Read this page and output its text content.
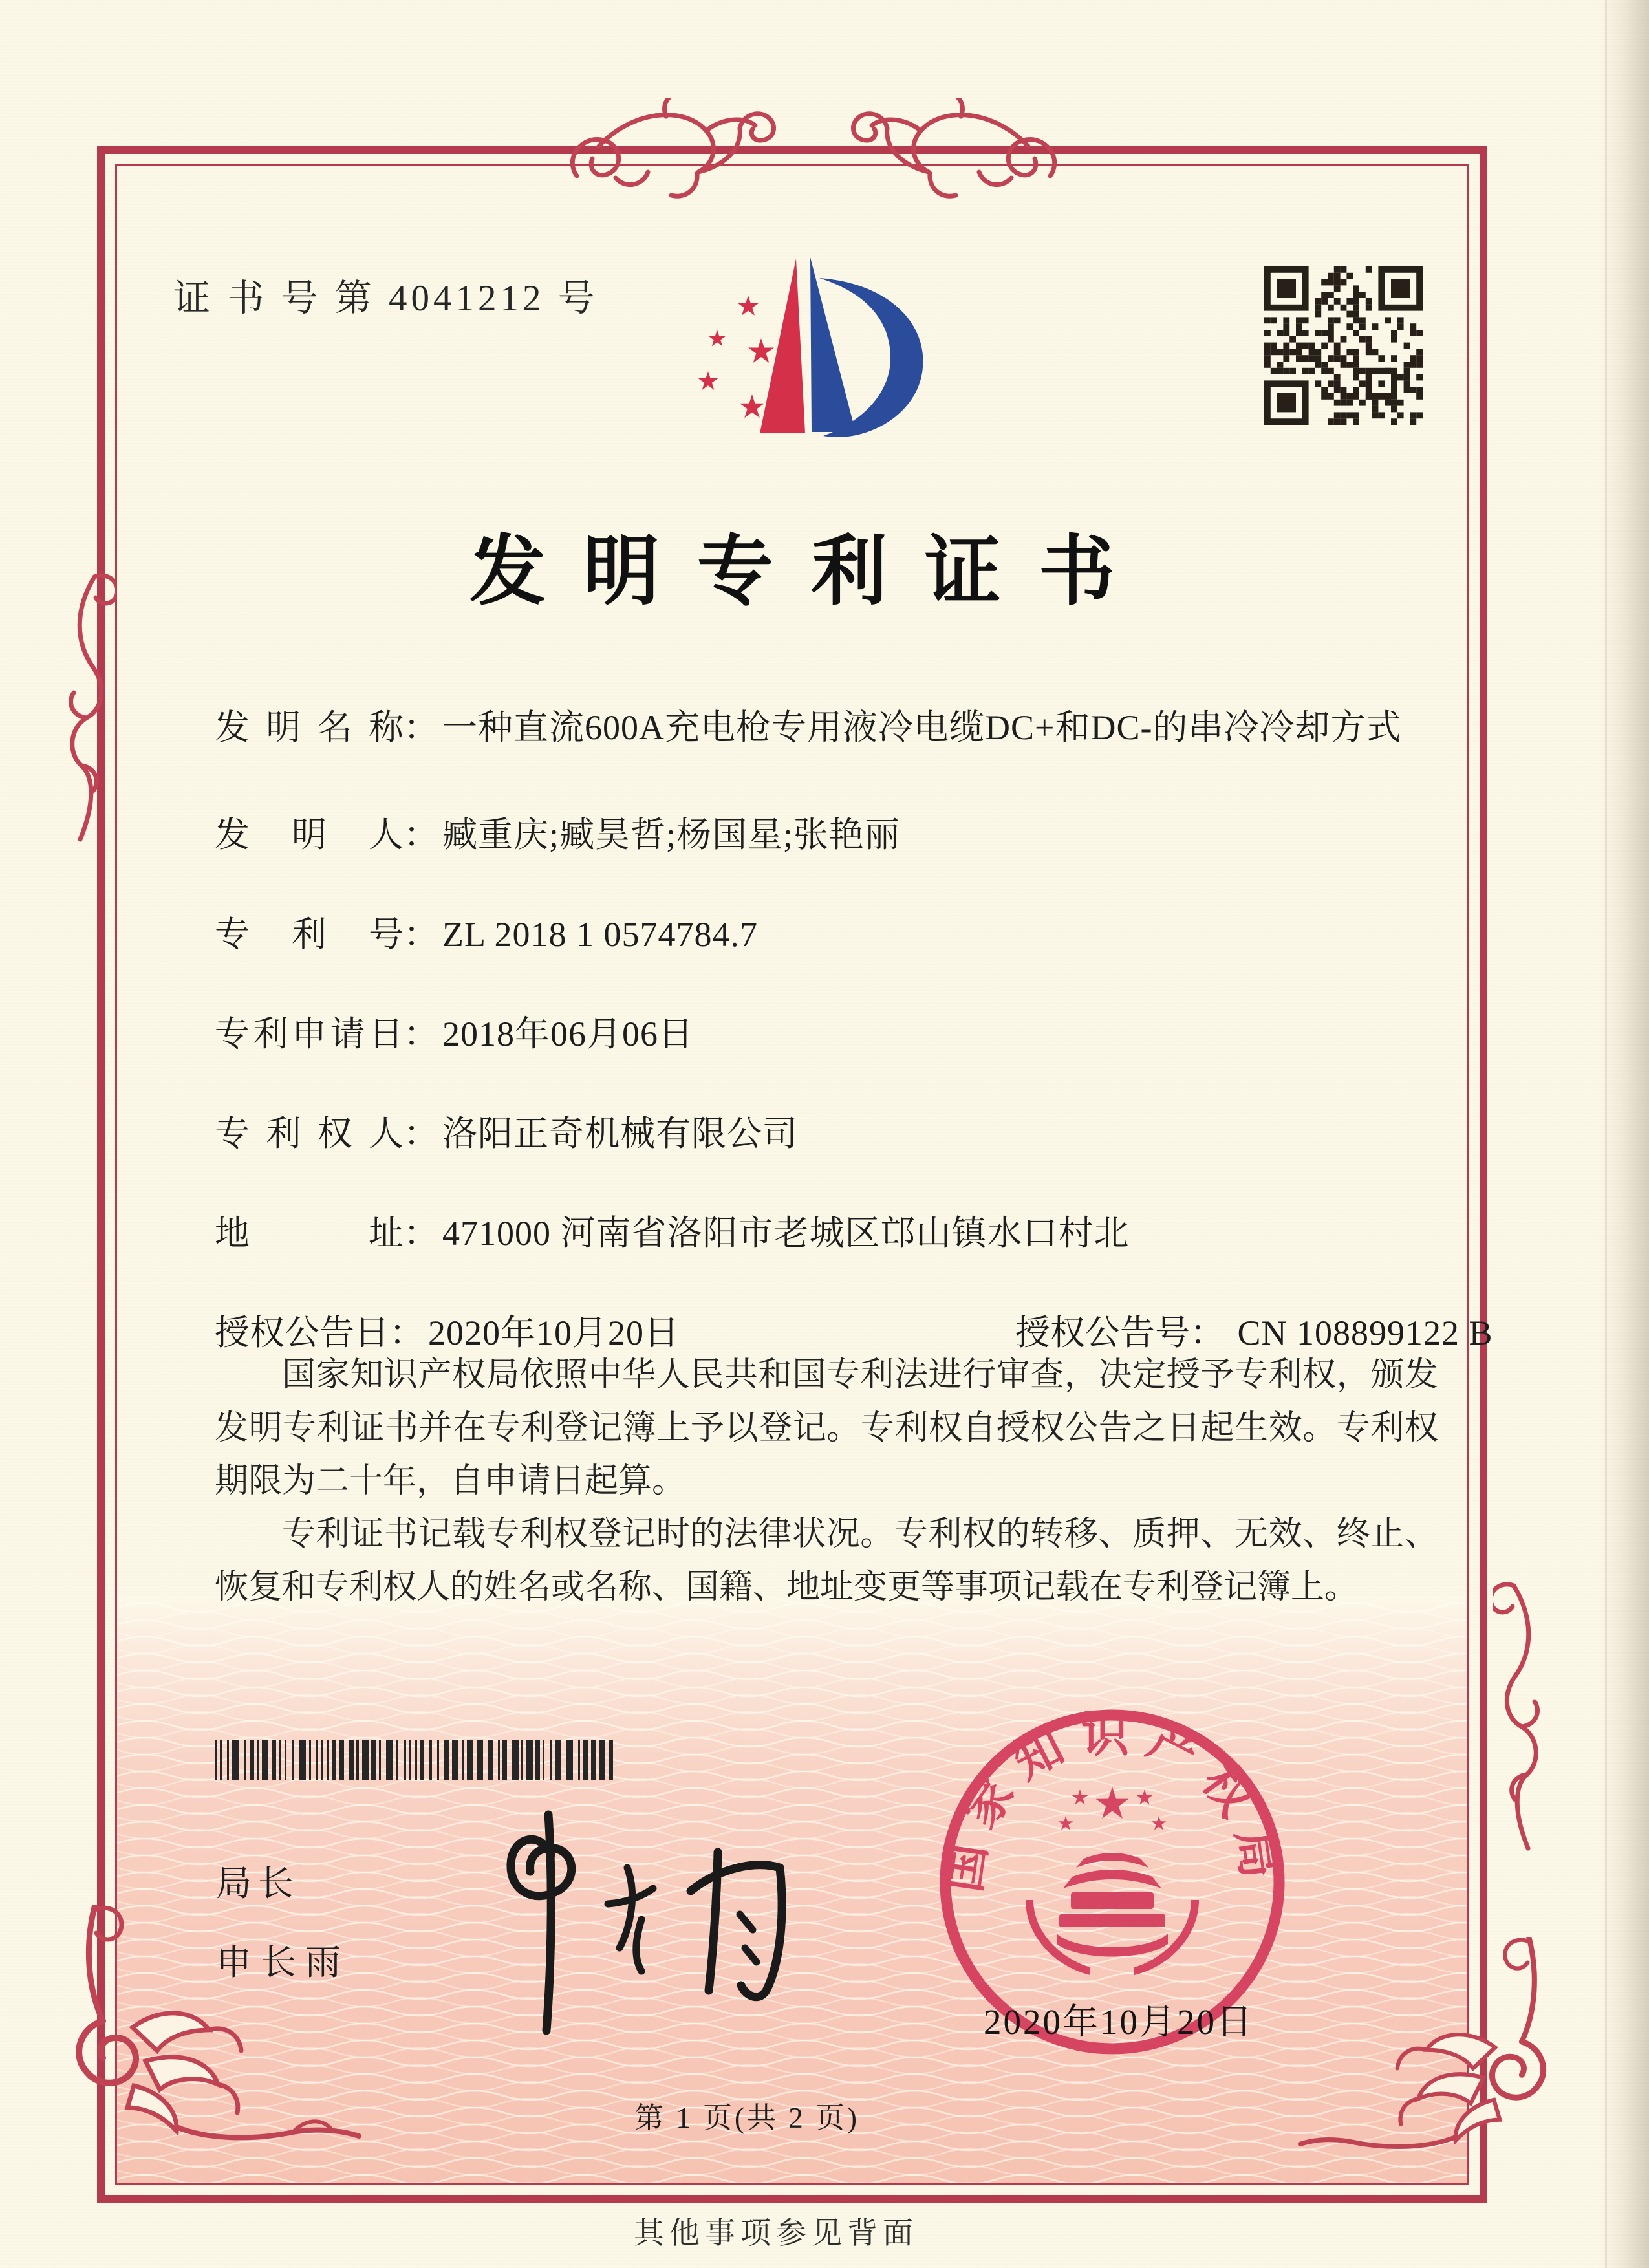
证 书 号 第 4041212 号
发明专利证书
发明名称 ： 一种直流600A充电枪专用液冷电缆DC+和DC-的串冷冷却方式
发明人 ： 臧重庆;臧昊哲;杨国星;张艳丽
专利号 ： ZL 2018 1 0574784.7
专利申请日 ： 2018年06月06日
专利权人 ： 洛阳正奇机械有限公司
地址 ： 471000 河南省洛阳市老城区邙山镇水口村北
授权公告日 ： 2020年10月20日	授权公告号： CN 108899122 B

国家知识产权局依照中华人民共和国专利法进行审查，决定授予专利权，颁发发明专利证书并在专利登记簿上予以登记。专利权自授权公告之日起生效。专利权期限为二十年，自申请日起算。

专利证书记载专利权登记时的法律状况。专利权的转移、质押、无效、终止、恢复和专利权人的姓名或名称、国籍、地址变更等事项记载在专利登记簿上。

局长
申长雨
国家知识产权局
2020年10月20日
第 1 页(共 2 页)
其他事项参见背面
